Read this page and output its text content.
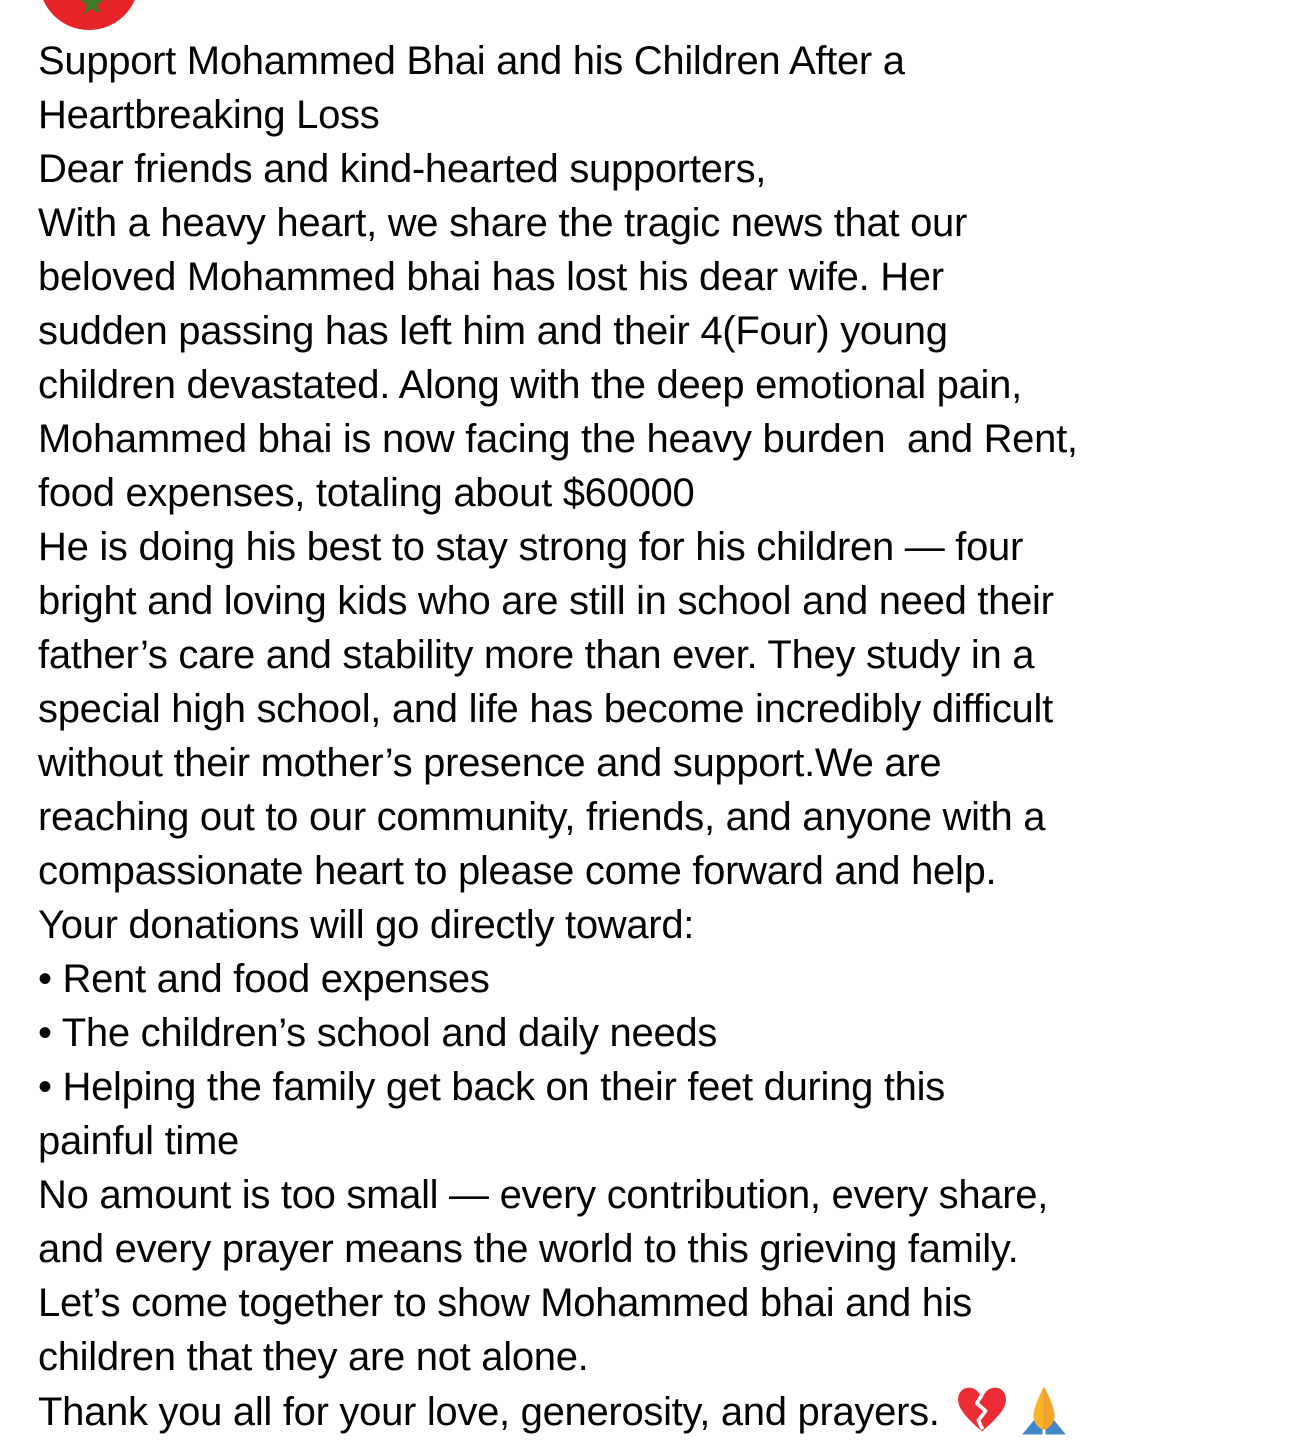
Support Mohammed Bhai and his Children After a
Heartbreaking Loss
Dear friends and kind-hearted supporters,
With a heavy heart, we share the tragic news that our
beloved Mohammed bhai has lost his dear wife. Her
sudden passing has left him and their 4(Four) young
children devastated. Along with the deep emotional pain,
Mohammed bhai is now facing the heavy burden  and Rent,
food expenses, totaling about $60000
He is doing his best to stay strong for his children — four
bright and loving kids who are still in school and need their
father’s care and stability more than ever. They study in a
special high school, and life has become incredibly difficult
without their mother’s presence and support.We are
reaching out to our community, friends, and anyone with a
compassionate heart to please come forward and help.
Your donations will go directly toward:
• Rent and food expenses
• The children’s school and daily needs
• Helping the family get back on their feet during this
painful time
No amount is too small — every contribution, every share,
and every prayer means the world to this grieving family.
Let’s come together to show Mohammed bhai and his
children that they are not alone.
Thank you all for your love, generosity, and prayers.
